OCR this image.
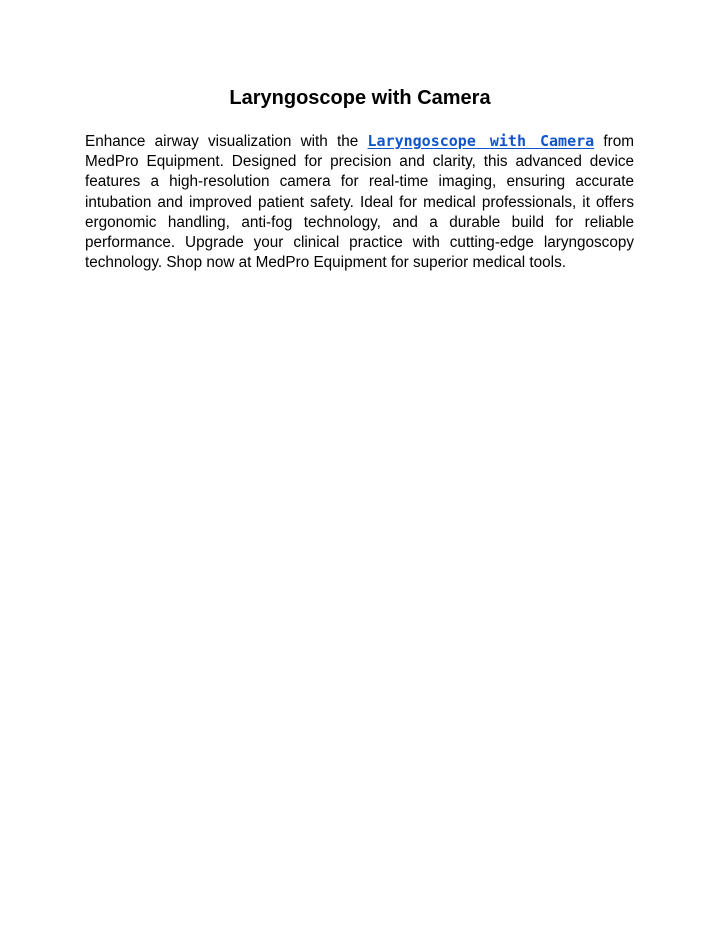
Laryngoscope with Camera

Enhance airway visualization with the Laryngoscope with Camera from MedPro Equipment. Designed for precision and clarity, this advanced device features a high-resolution camera for real-time imaging, ensuring accurate intubation and improved patient safety. Ideal for medical professionals, it offers ergonomic handling, anti-fog technology, and a durable build for reliable performance. Upgrade your clinical practice with cutting-edge laryngoscopy technology. Shop now at MedPro Equipment for superior medical tools.
